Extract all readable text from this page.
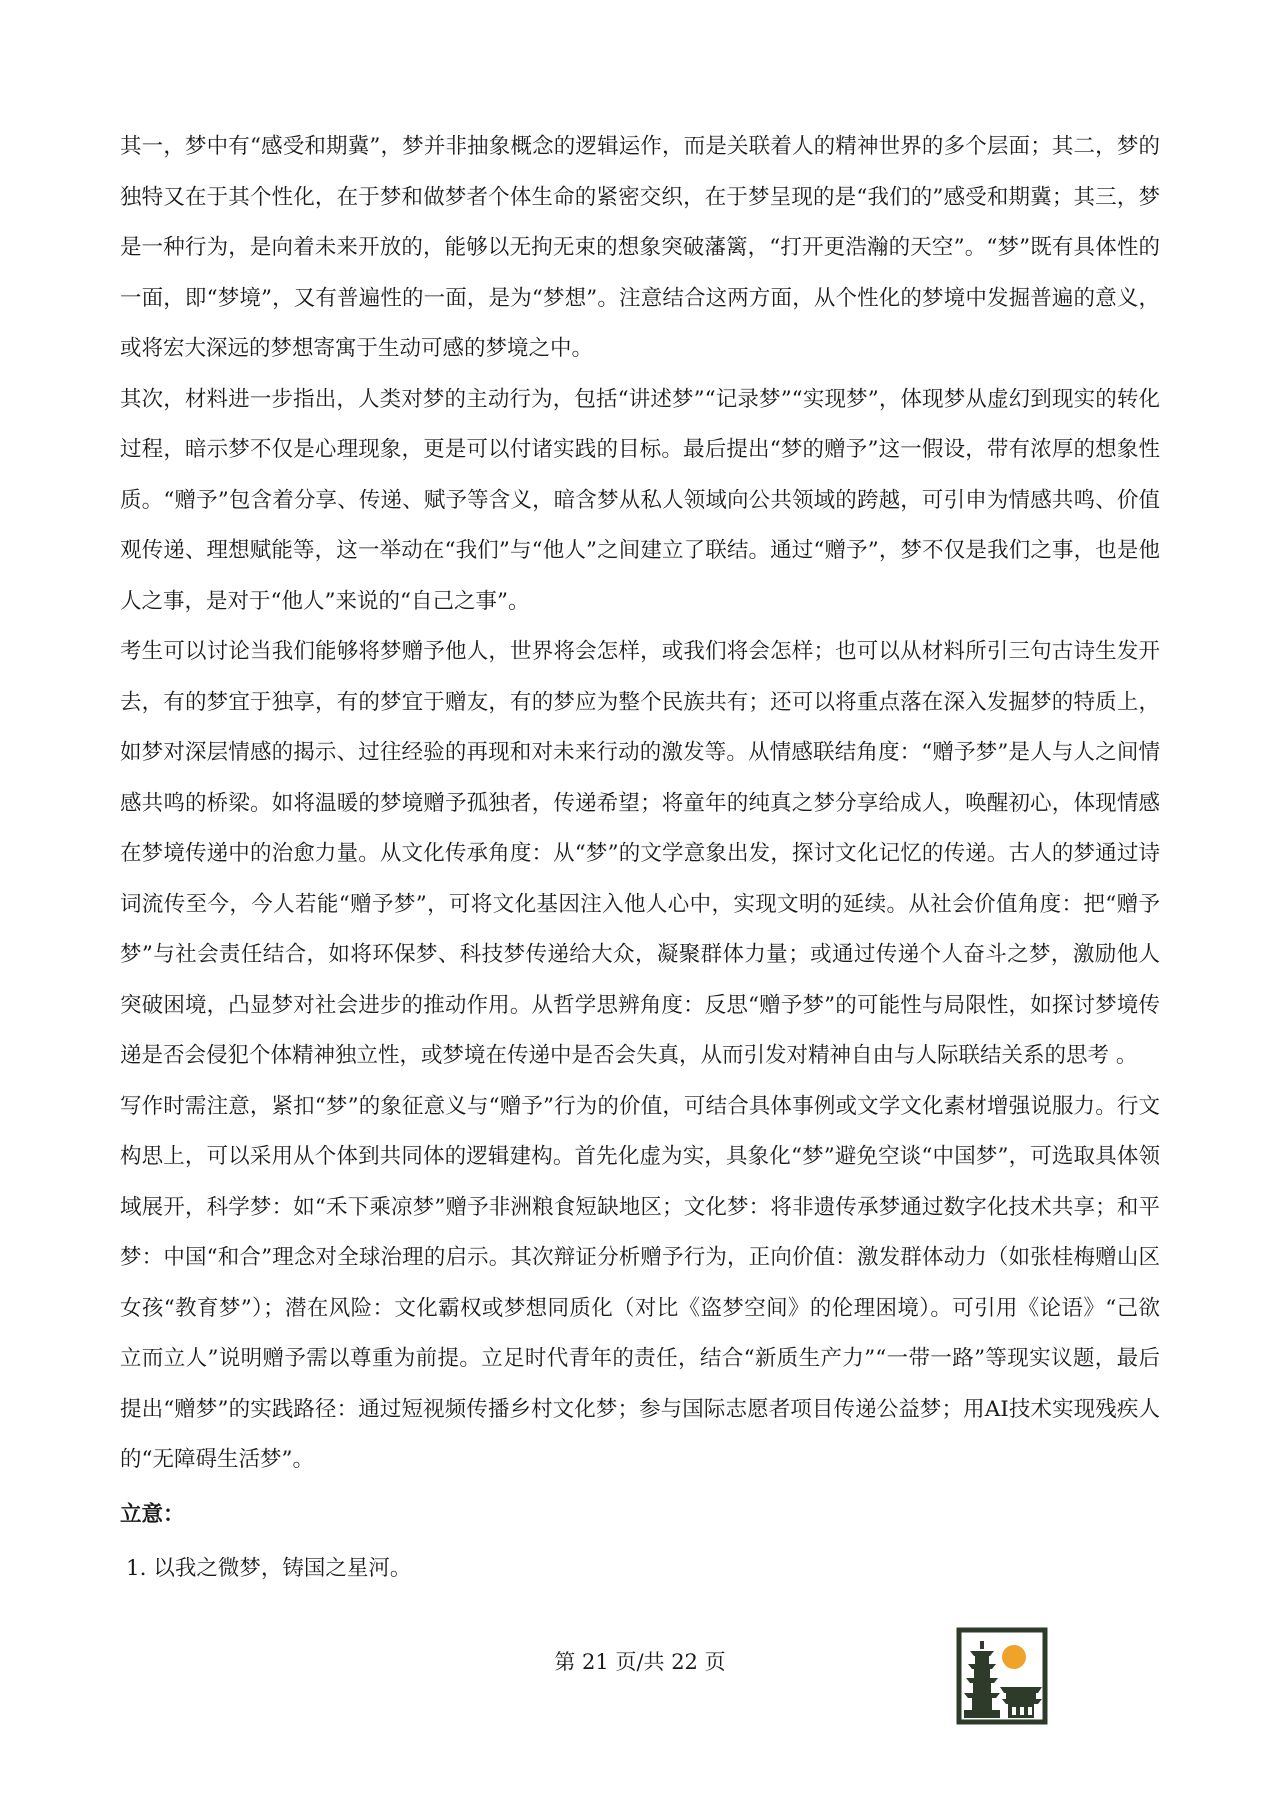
其一，梦中有“感受和期冀”，梦并非抽象概念的逻辑运作，而是关联着人的精神世界的多个层面；其二，梦的独特又在于其个性化，在于梦和做梦者个体生命的紧密交织，在于梦呈现的是“我们的”感受和期冀；其三，梦是一种行为，是向着未来开放的，能够以无拘无束的想象突破藩篱，“打开更浩瀚的天空”。“梦”既有具体性的一面，即“梦境”，又有普遍性的一面，是为“梦想”。注意结合这两方面，从个性化的梦境中发掘普遍的意义，或将宏大深远的梦想寄寓于生动可感的梦境之中。

其次，材料进一步指出，人类对梦的主动行为，包括“讲述梦”“记录梦”“实现梦”，体现梦从虚幻到现实的转化过程，暗示梦不仅是心理现象，更是可以付诸实践的目标。最后提出“梦的赠予”这一假设，带有浓厚的想象性质。“赠予”包含着分享、传递、赋予等含义，暗含梦从私人领域向公共领域的跨越，可引申为情感共鸣、价值观传递、理想赋能等，这一举动在“我们”与“他人”之间建立了联结。通过“赠予”，梦不仅是我们之事，也是他人之事，是对于“他人”来说的“自己之事”。

考生可以讨论当我们能够将梦赠予他人，世界将会怎样，或我们将会怎样；也可以从材料所引三句古诗生发开去，有的梦宜于独享，有的梦宜于赠友，有的梦应为整个民族共有；还可以将重点落在深入发掘梦的特质上，如梦对深层情感的揭示、过往经验的再现和对未来行动的激发等。从情感联结角度：“赠予梦”是人与人之间情感共鸣的桥梁。如将温暖的梦境赠予孤独者，传递希望；将童年的纯真之梦分享给成人，唤醒初心，体现情感在梦境传递中的治愈力量。从文化传承角度：从“梦”的文学意象出发，探讨文化记忆的传递。古人的梦通过诗词流传至今，今人若能“赠予梦”，可将文化基因注入他人心中，实现文明的延续。从社会价值角度：把“赠予梦”与社会责任结合，如将环保梦、科技梦传递给大众，凝聚群体力量；或通过传递个人奋斗之梦，激励他人突破困境，凸显梦对社会进步的推动作用。从哲学思辨角度：反思“赠予梦”的可能性与局限性，如探讨梦境传递是否会侵犯个体精神独立性，或梦境在传递中是否会失真，从而引发对精神自由与人际联结关系的思考 。

写作时需注意，紧扣“梦”的象征意义与“赠予”行为的价值，可结合具体事例或文学文化素材增强说服力。行文构思上，可以采用从个体到共同体的逻辑建构。首先化虚为实，具象化“梦”避免空谈“中国梦”，可选取具体领域展开，科学梦：如“禾下乘凉梦”赠予非洲粮食短缺地区；文化梦：将非遗传承梦通过数字化技术共享；和平梦：中国“和合”理念对全球治理的启示。其次辩证分析赠予行为，正向价值：激发群体动力（如张桂梅赠山区女孩“教育梦”）；潜在风险：文化霸权或梦想同质化（对比《盗梦空间》的伦理困境）。可引用《论语》“己欲立而立人”说明赠予需以尊重为前提。立足时代青年的责任，结合“新质生产力”“一带一路”等现实议题，最后提出“赠梦”的实践路径：通过短视频传播乡村文化梦；参与国际志愿者项目传递公益梦；用AI技术实现残疾人的“无障碍生活梦”。

立意：

1. 以我之微梦，铸国之星河。

第 21 页/共 22 页
